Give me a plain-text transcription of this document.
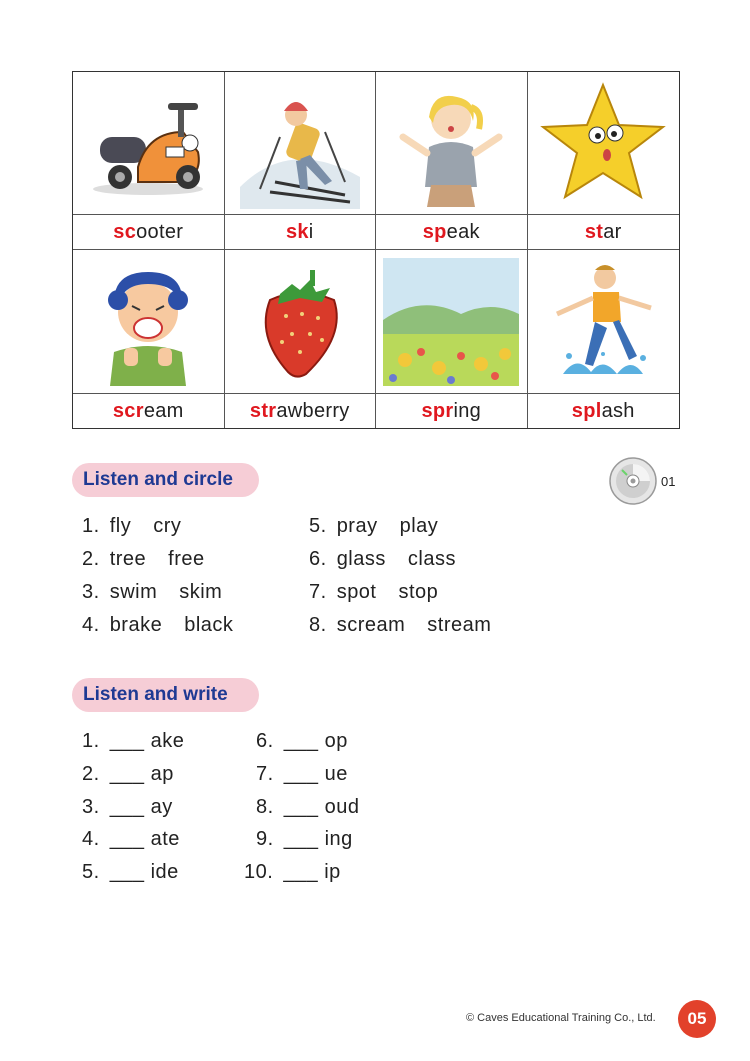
scooter	ski	speak	star
scream	strawberry	spring	splash
Listen and circle	01
1. fly cry
2. tree free
3. swim skim
4. brake black
5. pray play
6. glass class
7. spot stop
8. scream stream
Listen and write
1. ___ ake
2. ___ ap
3. ___ ay
4. ___ ate
5. ___ ide
6. ___ op
7. ___ ue
8. ___ oud
9. ___ ing
10. ___ ip
© Caves Educational Training Co., Ltd.	05
